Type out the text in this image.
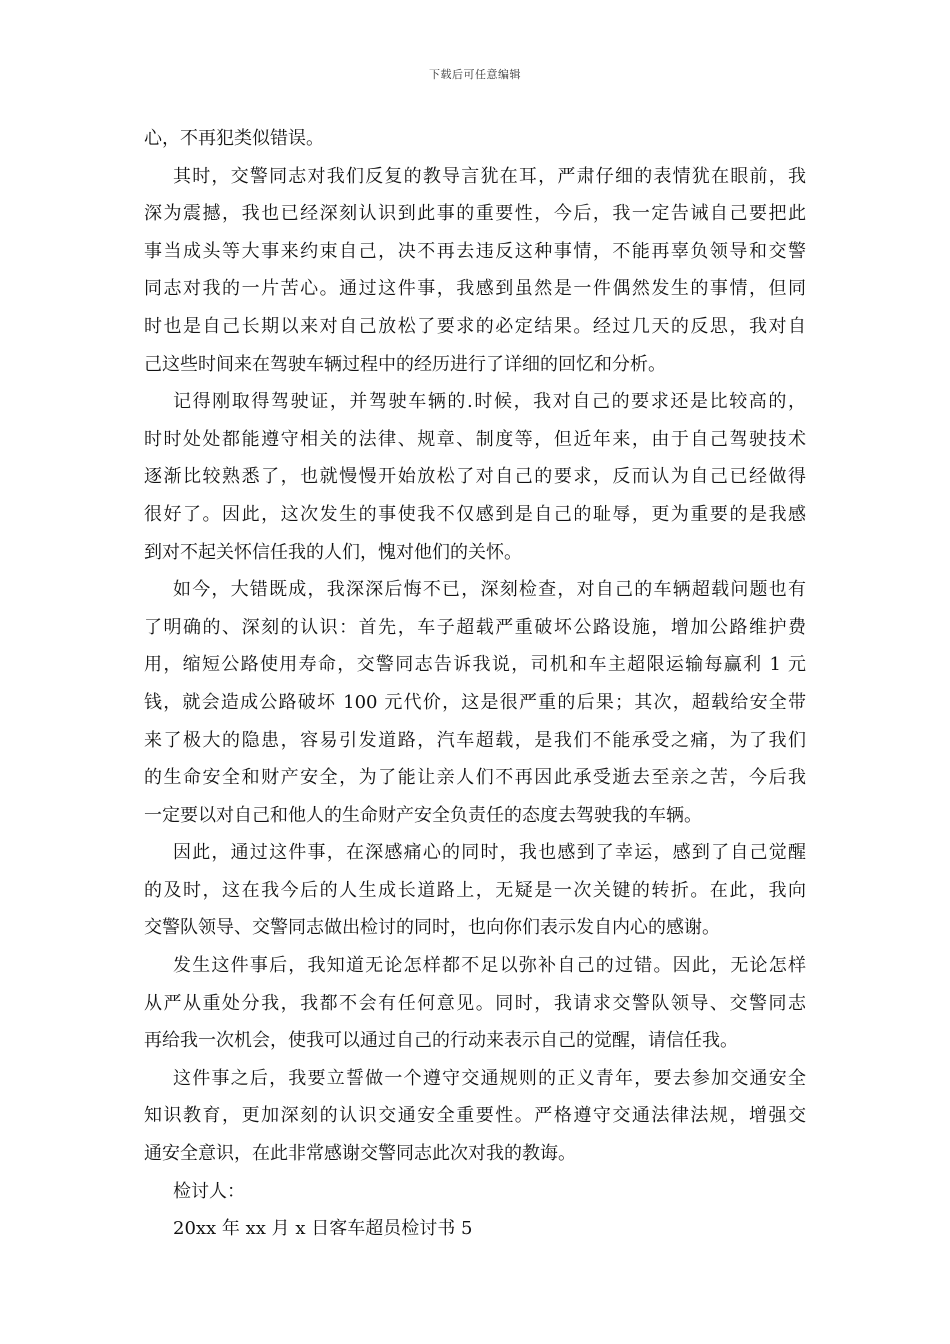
下载后可任意编辑
心，不再犯类似错误。
其时，交警同志对我们反复的教导言犹在耳，严肃仔细的表情犹在眼前，我
深为震撼，我也已经深刻认识到此事的重要性，今后，我一定告诫自己要把此
事当成头等大事来约束自己，决不再去违反这种事情，不能再辜负领导和交警
同志对我的一片苦心。通过这件事，我感到虽然是一件偶然发生的事情，但同
时也是自己长期以来对自己放松了要求的必定结果。经过几天的反思，我对自
己这些时间来在驾驶车辆过程中的经历进行了详细的回忆和分析。
记得刚取得驾驶证，并驾驶车辆的.时候，我对自己的要求还是比较高的，
时时处处都能遵守相关的法律、规章、制度等，但近年来，由于自己驾驶技术
逐渐比较熟悉了，也就慢慢开始放松了对自己的要求，反而认为自己已经做得
很好了。因此，这次发生的事使我不仅感到是自己的耻辱，更为重要的是我感
到对不起关怀信任我的人们，愧对他们的关怀。
如今，大错既成，我深深后悔不已，深刻检查，对自己的车辆超载问题也有
了明确的、深刻的认识：首先，车子超载严重破坏公路设施，增加公路维护费
用，缩短公路使用寿命，交警同志告诉我说，司机和车主超限运输每赢利 1 元
钱，就会造成公路破坏 100 元代价，这是很严重的后果；其次，超载给安全带
来了极大的隐患，容易引发道路，汽车超载，是我们不能承受之痛，为了我们
的生命安全和财产安全，为了能让亲人们不再因此承受逝去至亲之苦，今后我
一定要以对自己和他人的生命财产安全负责任的态度去驾驶我的车辆。
因此，通过这件事，在深感痛心的同时，我也感到了幸运，感到了自己觉醒
的及时，这在我今后的人生成长道路上，无疑是一次关键的转折。在此，我向
交警队领导、交警同志做出检讨的同时，也向你们表示发自内心的感谢。
发生这件事后，我知道无论怎样都不足以弥补自己的过错。因此，无论怎样
从严从重处分我，我都不会有任何意见。同时，我请求交警队领导、交警同志
再给我一次机会，使我可以通过自己的行动来表示自己的觉醒，请信任我。
这件事之后，我要立誓做一个遵守交通规则的正义青年，要去参加交通安全
知识教育，更加深刻的认识交通安全重要性。严格遵守交通法律法规，增强交
通安全意识，在此非常感谢交警同志此次对我的教诲。
检讨人：
20xx 年 xx 月 x 日客车超员检讨书 5
